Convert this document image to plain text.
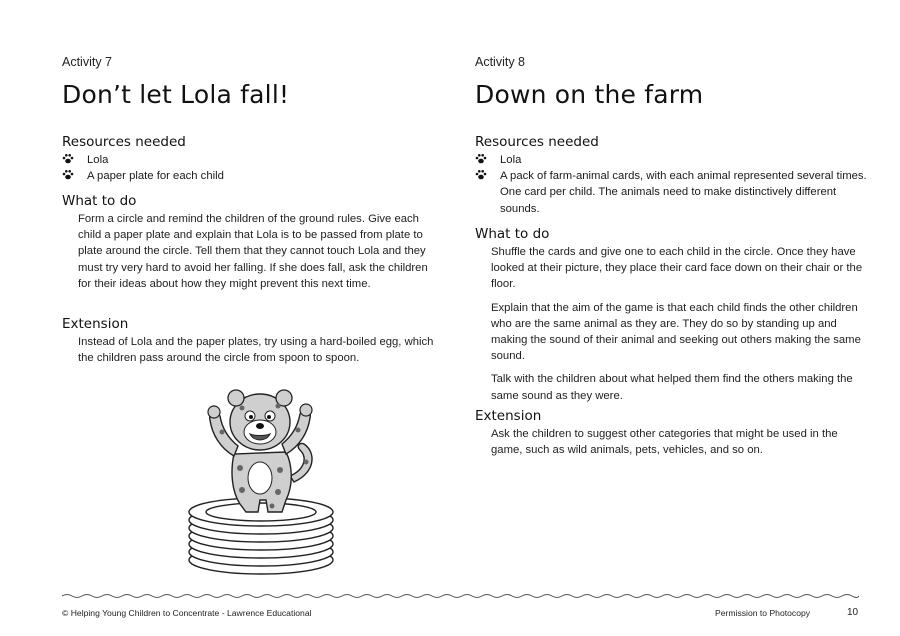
Activity 7
Don’t let Lola fall!
Resources needed
Lola
A paper plate for each child
What to do

Form a circle and remind the children of the ground rules. Give each child a paper plate and explain that Lola is to be passed from plate to plate around the circle. Tell them that they cannot touch Lola and they must try very hard to avoid her falling. If she does fall, ask the children for their ideas about how they might prevent this next time.

Extension

Instead of Lola and the paper plates, try using a hard-boiled egg, which the children pass around the circle from spoon to spoon.

Activity 8
Down on the farm
Resources needed
Lola
A pack of farm-animal cards, with each animal represented several times. One card per child. The animals need to make distinctively different sounds.
What to do

Shuffle the cards and give one to each child in the circle. Once they have looked at their picture, they place their card face down on their chair or the floor.

Explain that the aim of the game is that each child finds the other children who are the same animal as they are. They do so by standing up and making the sound of their animal and seeking out others making the same sound.

Talk with the children about what helped them find the others making the same sound as they were.

Extension

Ask the children to suggest other categories that might be used in the game, such as wild animals, pets, vehicles, and so on.

© Helping Young Children to Concentrate - Lawrence Educational	Permission to Photocopy	10
